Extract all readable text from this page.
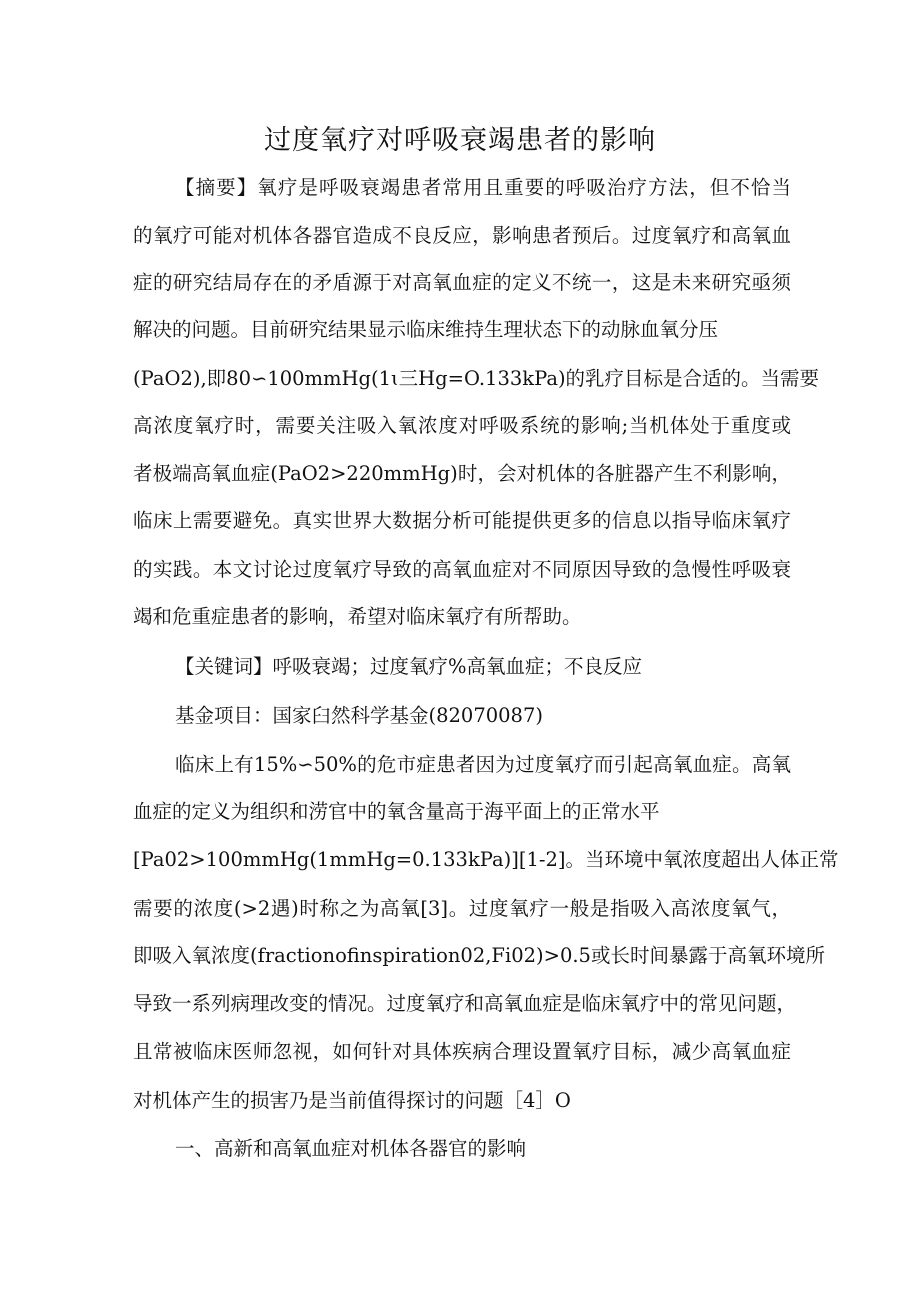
过度氧疗对呼吸衰竭患者的影响
【摘要】氧疗是呼吸衰竭患者常用且重要的呼吸治疗方法，但不恰当
的氧疗可能对机体各器官造成不良反应，影响患者预后。过度氧疗和高氧血
症的研究结局存在的矛盾源于对高氧血症的定义不统一，这是未来研究亟须
解决的问题。目前研究结果显示临床维持生理状态下的动脉血氧分压
(PaO2),即80∽100mmHg(1ɩ三Hg=O.133kPa)的乳疗目标是合适的。当需要
高浓度氧疗时，需要关注吸入氧浓度对呼吸系统的影响;当机体处于重度或
者极端高氧血症(PaO2>220mmHg)时，会对机体的各脏器产生不利影响，
临床上需要避免。真实世界大数据分析可能提供更多的信息以指导临床氧疗
的实践。本文讨论过度氧疗导致的高氧血症对不同原因导致的急慢性呼吸衰
竭和危重症患者的影响，希望对临床氧疗有所帮助。
【关键词】呼吸衰竭；过度氧疗%高氧血症；不良反应
基金项目：国家臼然科学基金(82070087)
临床上有15%∽50%的危市症患者因为过度氧疗而引起高氧血症。高氧
血症的定义为组织和涝官中的氧含量高于海平面上的正常水平
[Pa02>100mmHg(1mmHg=0.133kPa)][1-2]。当环境中氧浓度超出人体正常
需要的浓度(>2遇)时称之为高氧[3]。过度氧疗一般是指吸入高浓度氧气，
即吸入氧浓度(fractionofinspiration02,Fi02)>0.5或长时间暴露于高氧环境所
导致一系列病理改变的情况。过度氧疗和高氧血症是临床氧疗中的常见问题，
且常被临床医师忽视，如何针对具体疾病合理设置氧疗目标，减少高氧血症
对机体产生的损害乃是当前值得探讨的问题［4］O
一、高新和高氧血症对机体各器官的影响
